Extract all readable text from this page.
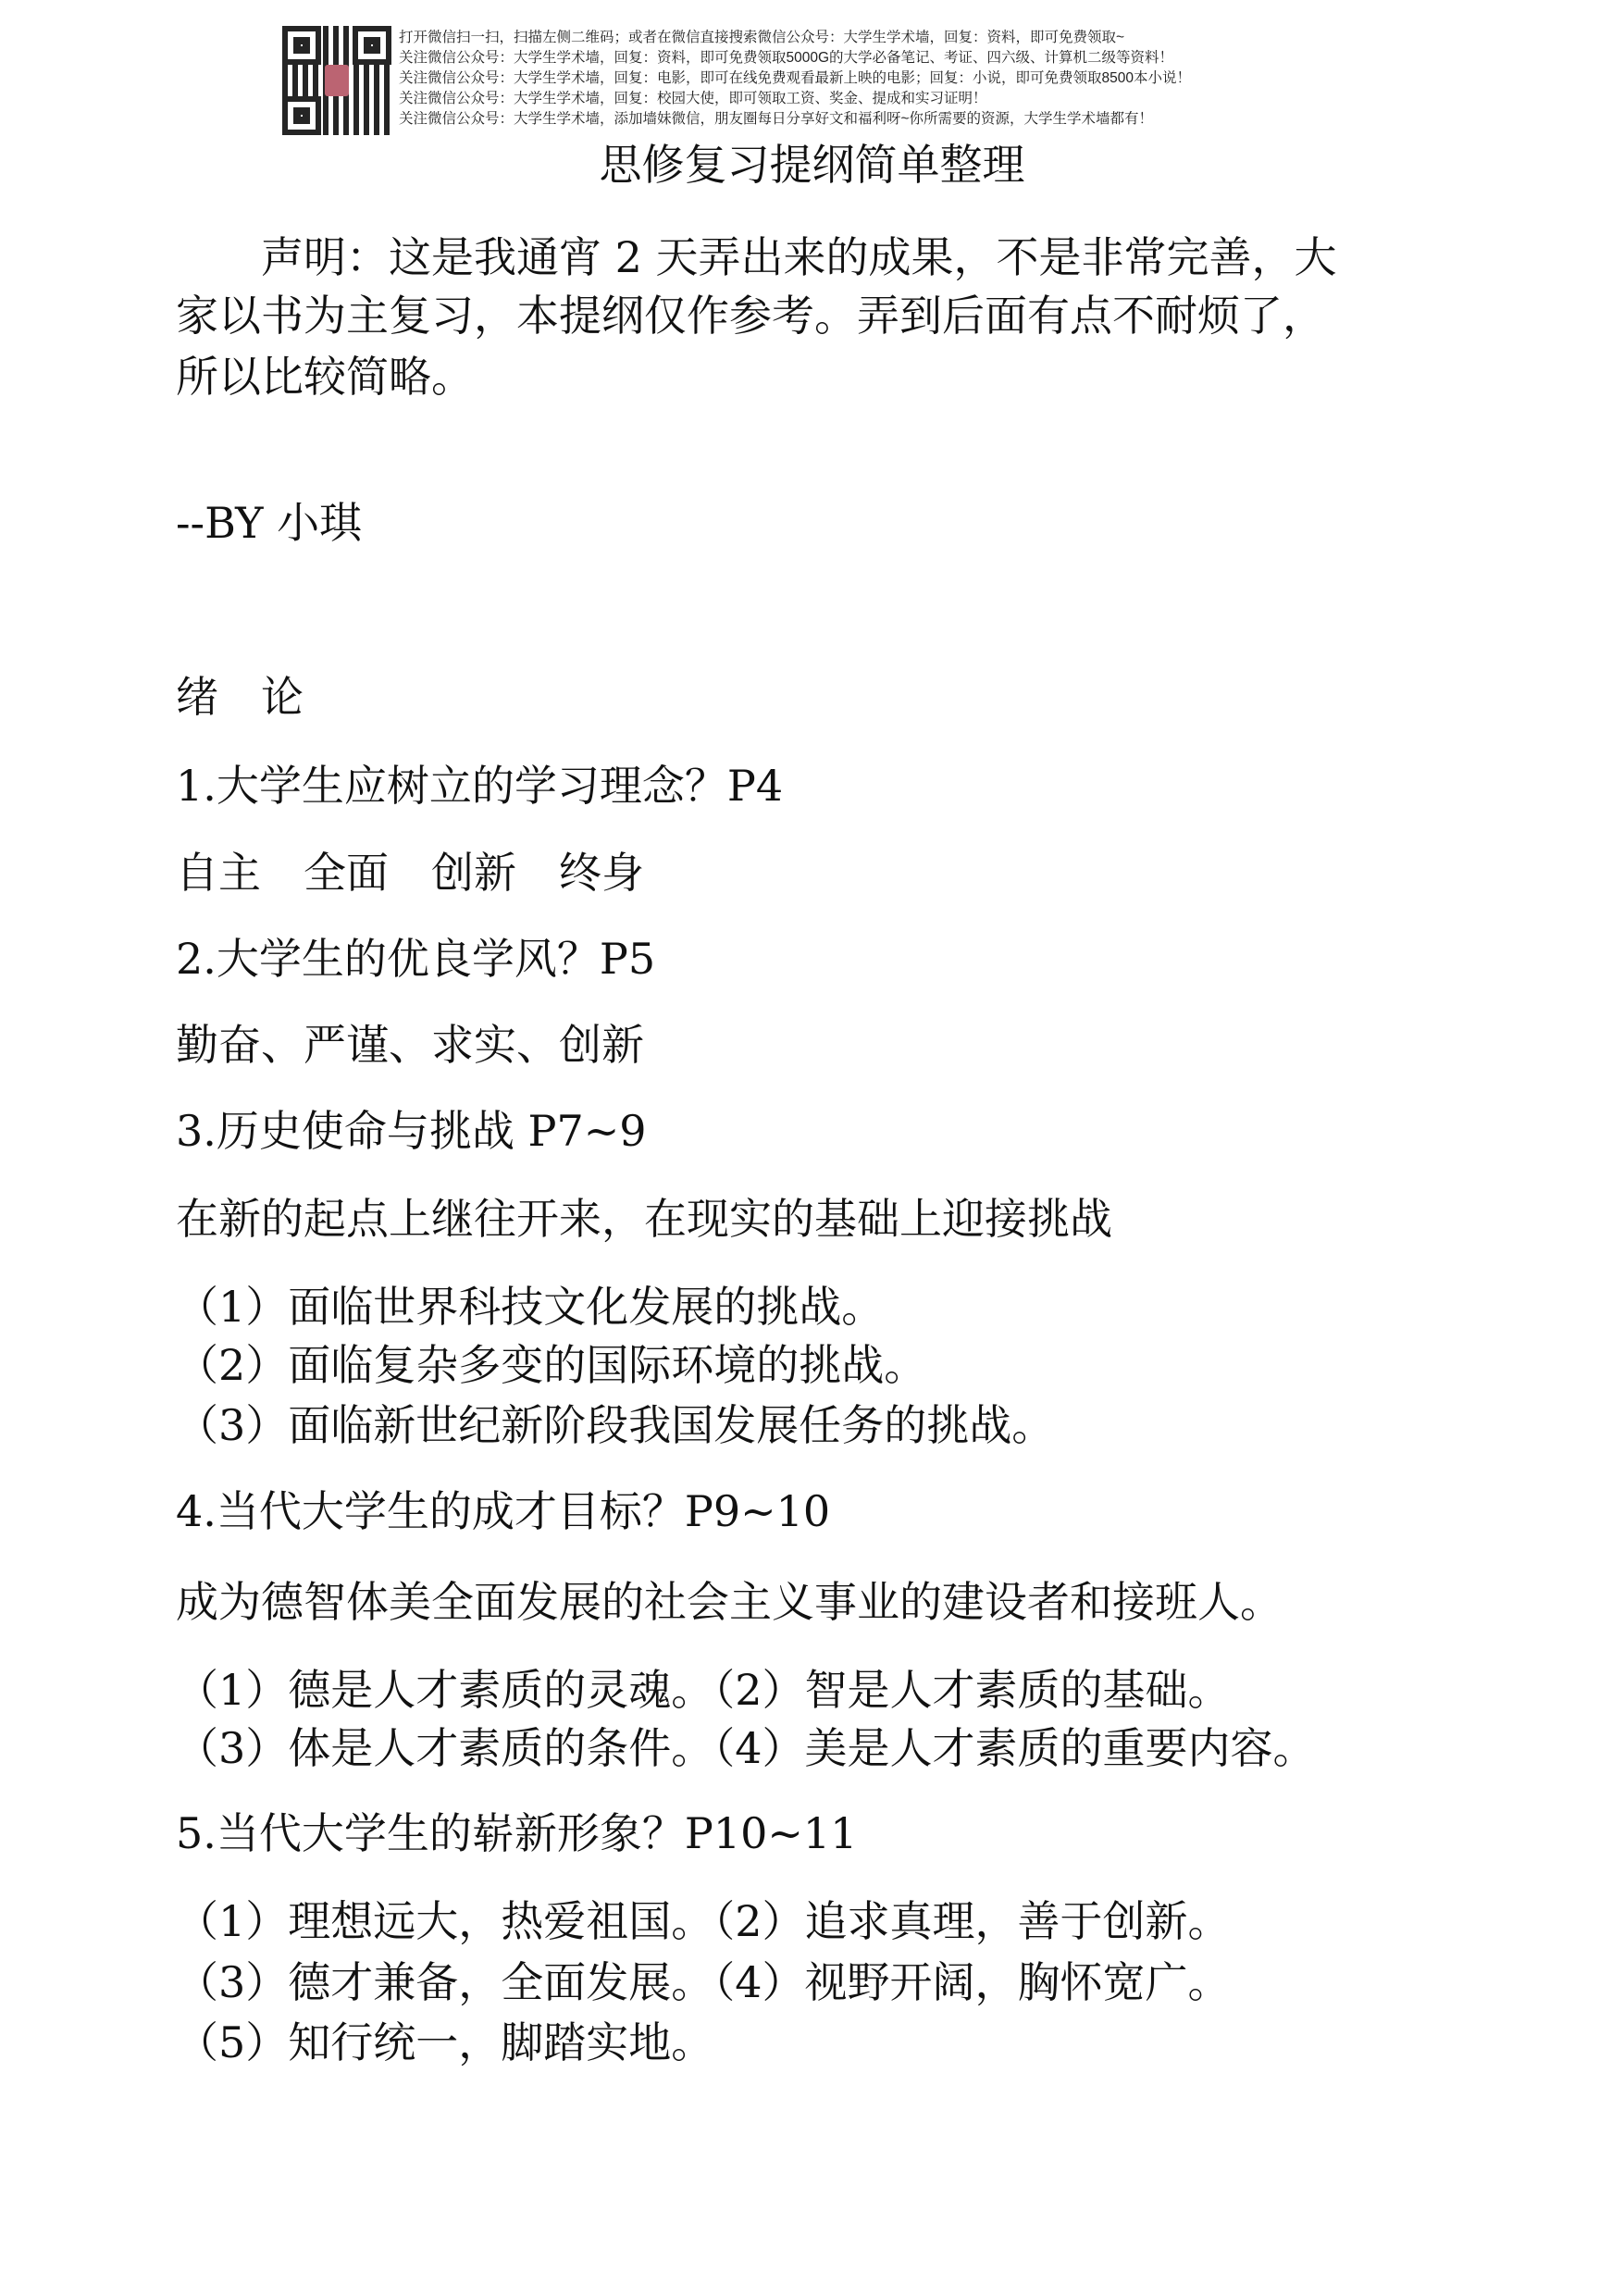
打开微信扫一扫，扫描左侧二维码；或者在微信直接搜索微信公众号：大学生学术墙，回复：资料，即可免费领取~
关注微信公众号：大学生学术墙，回复：资料，即可免费领取5000G的大学必备笔记、考证、四六级、计算机二级等资料！
关注微信公众号：大学生学术墙，回复：电影，即可在线免费观看最新上映的电影；回复：小说，即可免费领取8500本小说！
关注微信公众号：大学生学术墙，回复：校园大使，即可领取工资、奖金、提成和实习证明！
关注微信公众号：大学生学术墙，添加墙妹微信，朋友圈每日分享好文和福利呀~你所需要的资源，大学生学术墙都有！
思修复习提纲简单整理
　　声明：这是我通宵 2 天弄出来的成果，不是非常完善，大
家以书为主复习，本提纲仅作参考。弄到后面有点不耐烦了，
所以比较简略。
--BY 小琪
绪　论
1.大学生应树立的学习理念？P4
自主　全面　创新　终身
2.大学生的优良学风？P5
勤奋、严谨、求实、创新
3.历史使命与挑战 P7~9
在新的起点上继往开来，在现实的基础上迎接挑战
（1）面临世界科技文化发展的挑战。
（2）面临复杂多变的国际环境的挑战。
（3）面临新世纪新阶段我国发展任务的挑战。
4.当代大学生的成才目标？P9~10
成为德智体美全面发展的社会主义事业的建设者和接班人。
（1）德是人才素质的灵魂。（2）智是人才素质的基础。
（3）体是人才素质的条件。（4）美是人才素质的重要内容。
5.当代大学生的崭新形象？P10~11
（1）理想远大，热爱祖国。（2）追求真理，善于创新。
（3）德才兼备，全面发展。（4）视野开阔，胸怀宽广。
（5）知行统一，脚踏实地。
